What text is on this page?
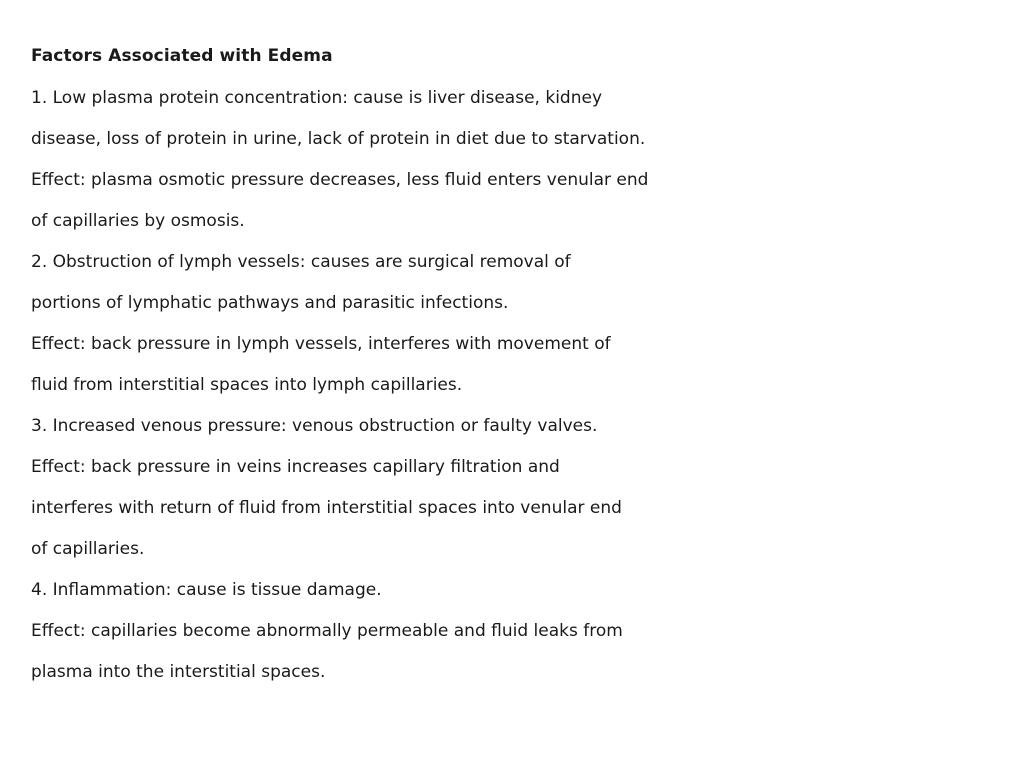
Factors Associated with Edema
1. Low plasma protein concentration: cause is liver disease, kidney
disease, loss of protein in urine, lack of protein in diet due to starvation.
Effect: plasma osmotic pressure decreases, less fluid enters venular end
of capillaries by osmosis.
2. Obstruction of lymph vessels: causes are surgical removal of
portions of lymphatic pathways and parasitic infections.
Effect: back pressure in lymph vessels, interferes with movement of
fluid from interstitial spaces into lymph capillaries.
3. Increased venous pressure: venous obstruction or faulty valves.
Effect: back pressure in veins increases capillary filtration and
interferes with return of fluid from interstitial spaces into venular end
of capillaries.
4. Inflammation: cause is tissue damage.
Effect: capillaries become abnormally permeable and fluid leaks from
plasma into the interstitial spaces.
